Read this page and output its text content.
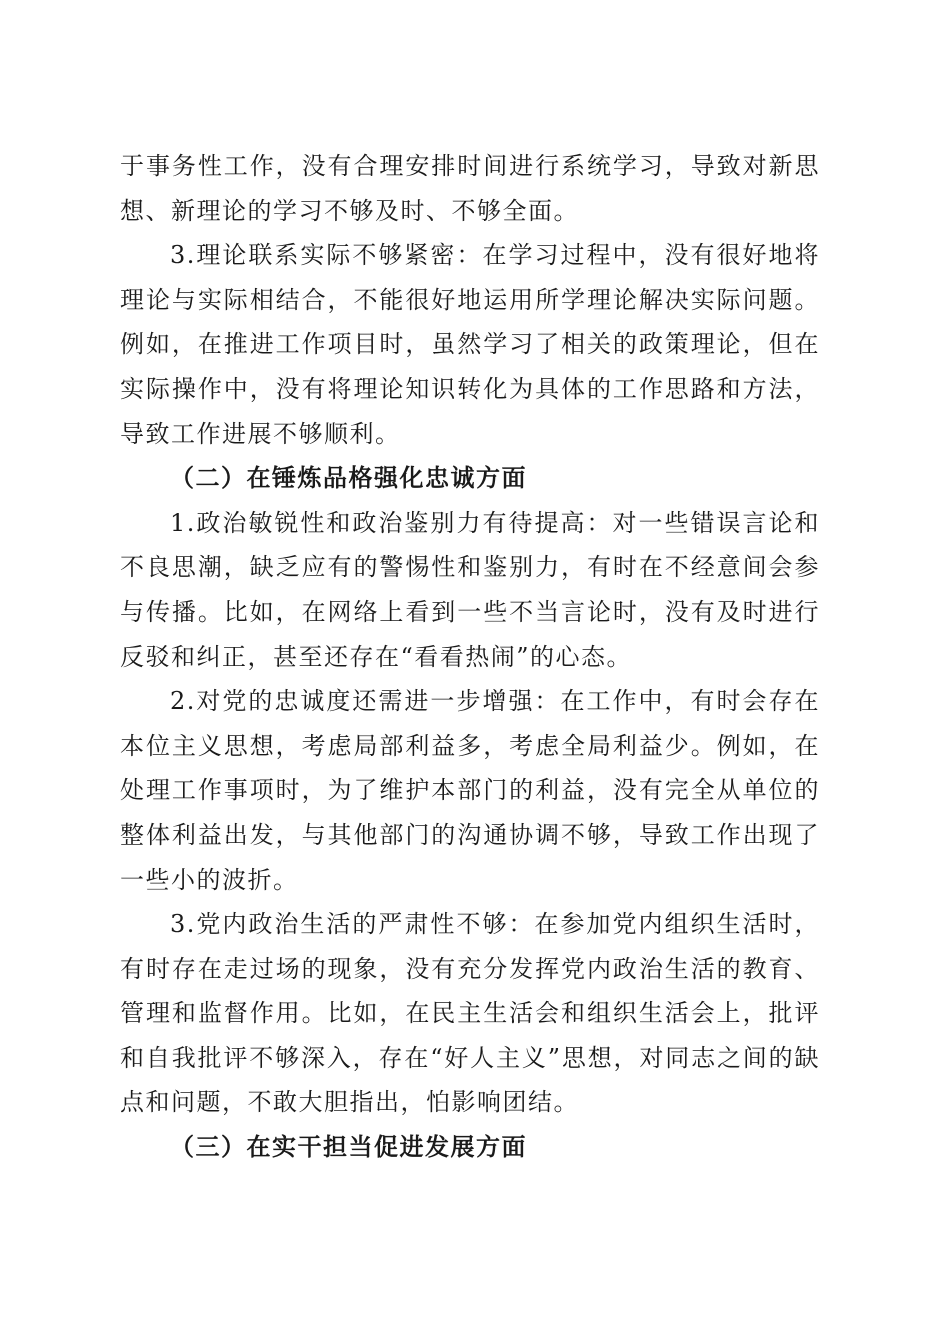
于事务性工作，没有合理安排时间进行系统学习，导致对新思想、新理论的学习不够及时、不够全面。

3.理论联系实际不够紧密：在学习过程中，没有很好地将理论与实际相结合，不能很好地运用所学理论解决实际问题。例如，在推进工作项目时，虽然学习了相关的政策理论，但在实际操作中，没有将理论知识转化为具体的工作思路和方法，导致工作进展不够顺利。

（二）在锤炼品格强化忠诚方面

1.政治敏锐性和政治鉴别力有待提高：对一些错误言论和不良思潮，缺乏应有的警惕性和鉴别力，有时在不经意间会参与传播。比如，在网络上看到一些不当言论时，没有及时进行反驳和纠正，甚至还存在“看看热闹”的心态。

2.对党的忠诚度还需进一步增强：在工作中，有时会存在本位主义思想，考虑局部利益多，考虑全局利益少。例如，在处理工作事项时，为了维护本部门的利益，没有完全从单位的整体利益出发，与其他部门的沟通协调不够，导致工作出现了一些小的波折。

3.党内政治生活的严肃性不够：在参加党内组织生活时，有时存在走过场的现象，没有充分发挥党内政治生活的教育、管理和监督作用。比如，在民主生活会和组织生活会上，批评和自我批评不够深入，存在“好人主义”思想，对同志之间的缺点和问题，不敢大胆指出，怕影响团结。

（三）在实干担当促进发展方面
